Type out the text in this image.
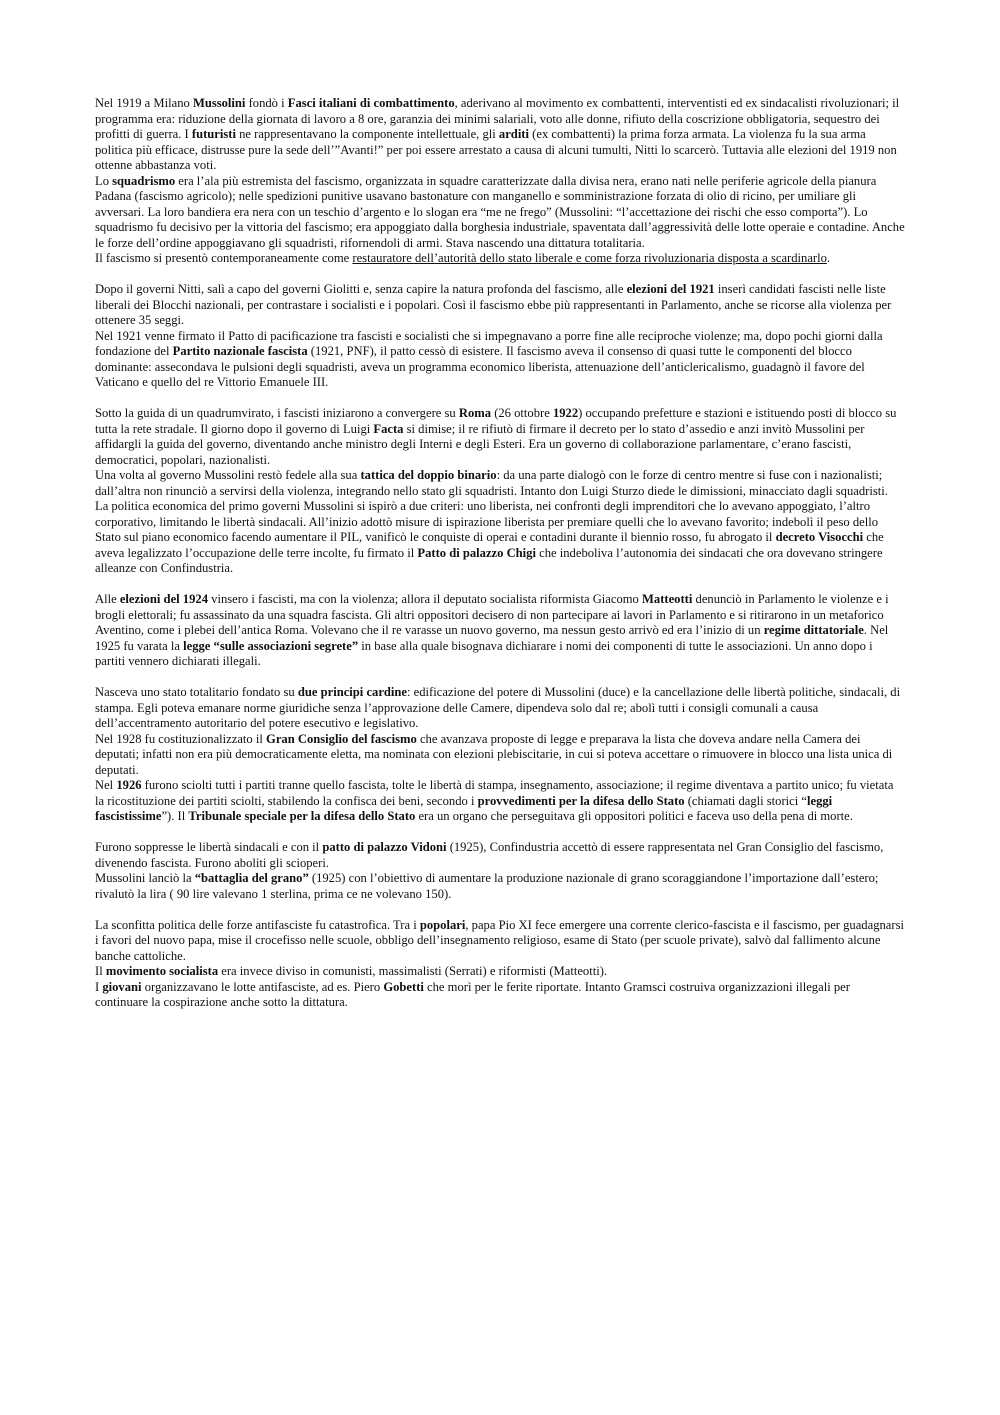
Nel 1919 a Milano Mussolini fondò i Fasci italiani di combattimento, aderivano al movimento ex combattenti, interventisti ed ex sindacalisti rivoluzionari; il programma era: riduzione della giornata di lavoro a 8 ore, garanzia dei minimi salariali, voto alle donne, rifiuto della coscrizione obbligatoria, sequestro dei profitti di guerra. I futuristi ne rappresentavano la componente intellettuale, gli arditi (ex combattenti) la prima forza armata. La violenza fu la sua arma politica più efficace, distrusse pure la sede dell’”Avanti!” per poi essere arrestato a causa di alcuni tumulti, Nitti lo scarcerò. Tuttavia alle elezioni del 1919 non ottenne abbastanza voti.

Lo squadrismo era l’ala più estremista del fascismo, organizzata in squadre caratterizzate dalla divisa nera, erano nati nelle periferie agricole della pianura Padana (fascismo agricolo); nelle spedizioni punitive usavano bastonature con manganello e somministrazione forzata di olio di ricino, per umiliare gli avversari. La loro bandiera era nera con un teschio d’argento e lo slogan era “me ne frego” (Mussolini: “l’accettazione dei rischi che esso comporta”). Lo squadrismo fu decisivo per la vittoria del fascismo; era appoggiato dalla borghesia industriale, spaventata dall’aggressività delle lotte operaie e contadine. Anche le forze dell’ordine appoggiavano gli squadristi, rifornendoli di armi. Stava nascendo una dittatura totalitaria.

Il fascismo si presentò contemporaneamente come restauratore dell’autorità dello stato liberale e come forza rivoluzionaria disposta a scardinarlo.

Dopo il governi Nitti, salì a capo del governi Giolitti e, senza capire la natura profonda del fascismo, alle elezioni del 1921 inserì candidati fascisti nelle liste liberali dei Blocchi nazionali, per contrastare i socialisti e i popolari. Così il fascismo ebbe più rappresentanti in Parlamento, anche se ricorse alla violenza per ottenere 35 seggi.

Nel 1921 venne firmato il Patto di pacificazione tra fascisti e socialisti che si impegnavano a porre fine alle reciproche violenze; ma, dopo pochi giorni dalla fondazione del Partito nazionale fascista (1921, PNF), il patto cessò di esistere. Il fascismo aveva il consenso di quasi tutte le componenti del blocco dominante: assecondava le pulsioni degli squadristi, aveva un programma economico liberista, attenuazione dell’anticlericalismo, guadagnò il favore del Vaticano e quello del re Vittorio Emanuele III.

Sotto la guida di un quadrumvirato, i fascisti iniziarono a convergere su Roma (26 ottobre 1922) occupando prefetture e stazioni e istituendo posti di blocco su tutta la rete stradale. Il giorno dopo il governo di Luigi Facta si dimise; il re rifiutò di firmare il decreto per lo stato d’assedio e anzi invitò Mussolini per affidargli la guida del governo, diventando anche ministro degli Interni e degli Esteri. Era un governo di collaborazione parlamentare, c’erano fascisti, democratici, popolari, nazionalisti.

Una volta al governo Mussolini restò fedele alla sua tattica del doppio binario: da una parte dialogò con le forze di centro mentre si fuse con i nazionalisti; dall’altra non rinunciò a servirsi della violenza, integrando nello stato gli squadristi. Intanto don Luigi Sturzo diede le dimissioni, minacciato dagli squadristi.

La politica economica del primo governi Mussolini si ispirò a due criteri: uno liberista, nei confronti degli imprenditori che lo avevano appoggiato, l’altro corporativo, limitando le libertà sindacali. All’inizio adottò misure di ispirazione liberista per premiare quelli che lo avevano favorito; indebolì il peso dello Stato sul piano economico facendo aumentare il PIL, vanificò le conquiste di operai e contadini durante il biennio rosso, fu abrogato il decreto Visocchi che aveva legalizzato l’occupazione delle terre incolte, fu firmato il Patto di palazzo Chigi che indeboliva l’autonomia dei sindacati che ora dovevano stringere alleanze con Confindustria.

Alle elezioni del 1924 vinsero i fascisti, ma con la violenza; allora il deputato socialista riformista Giacomo Matteotti denunciò in Parlamento le violenze e i brogli elettorali; fu assassinato da una squadra fascista. Gli altri oppositori decisero di non partecipare ai lavori in Parlamento e si ritirarono in un metaforico Aventino, come i plebei dell’antica Roma. Volevano che il re varasse un nuovo governo, ma nessun gesto arrivò ed era l’inizio di un regime dittatoriale. Nel 1925 fu varata la legge “sulle associazioni segrete” in base alla quale bisognava dichiarare i nomi dei componenti di tutte le associazioni. Un anno dopo i partiti vennero dichiarati illegali.

Nasceva uno stato totalitario fondato su due principi cardine: edificazione del potere di Mussolini (duce) e la cancellazione delle libertà politiche, sindacali, di stampa. Egli poteva emanare norme giuridiche senza l’approvazione delle Camere, dipendeva solo dal re; abolì tutti i consigli comunali a causa dell’accentramento autoritario del potere esecutivo e legislativo.

Nel 1928 fu costituzionalizzato il Gran Consiglio del fascismo che avanzava proposte di legge e preparava la lista che doveva andare nella Camera dei deputati; infatti non era più democraticamente eletta, ma nominata con elezioni plebiscitarie, in cui si poteva accettare o rimuovere in blocco una lista unica di deputati.

Nel 1926 furono sciolti tutti i partiti tranne quello fascista, tolte le libertà di stampa, insegnamento, associazione; il regime diventava a partito unico; fu vietata la ricostituzione dei partiti sciolti, stabilendo la confisca dei beni, secondo i provvedimenti per la difesa dello Stato (chiamati dagli storici “leggi fascistissime”). Il Tribunale speciale per la difesa dello Stato era un organo che perseguitava gli oppositori politici e faceva uso della pena di morte.

Furono soppresse le libertà sindacali e con il patto di palazzo Vidoni (1925), Confindustria accettò di essere rappresentata nel Gran Consiglio del fascismo, divenendo fascista. Furono aboliti gli scioperi.

Mussolini lanciò la “battaglia del grano” (1925) con l’obiettivo di aumentare la produzione nazionale di grano scoraggiandone l’importazione dall’estero; rivalutò la lira ( 90 lire valevano 1 sterlina, prima ce ne volevano 150).

La sconfitta politica delle forze antifasciste fu catastrofica. Tra i popolari, papa Pio XI fece emergere una corrente clerico-fascista e il fascismo, per guadagnarsi i favori del nuovo papa, mise il crocefisso nelle scuole, obbligo dell’insegnamento religioso, esame di Stato (per scuole private), salvò dal fallimento alcune banche cattoliche.

Il movimento socialista era invece diviso in comunisti, massimalisti (Serrati) e riformisti (Matteotti).

I giovani organizzavano le lotte antifasciste, ad es. Piero Gobetti che morì per le ferite riportate. Intanto Gramsci costruiva organizzazioni illegali per continuare la cospirazione anche sotto la dittatura.
